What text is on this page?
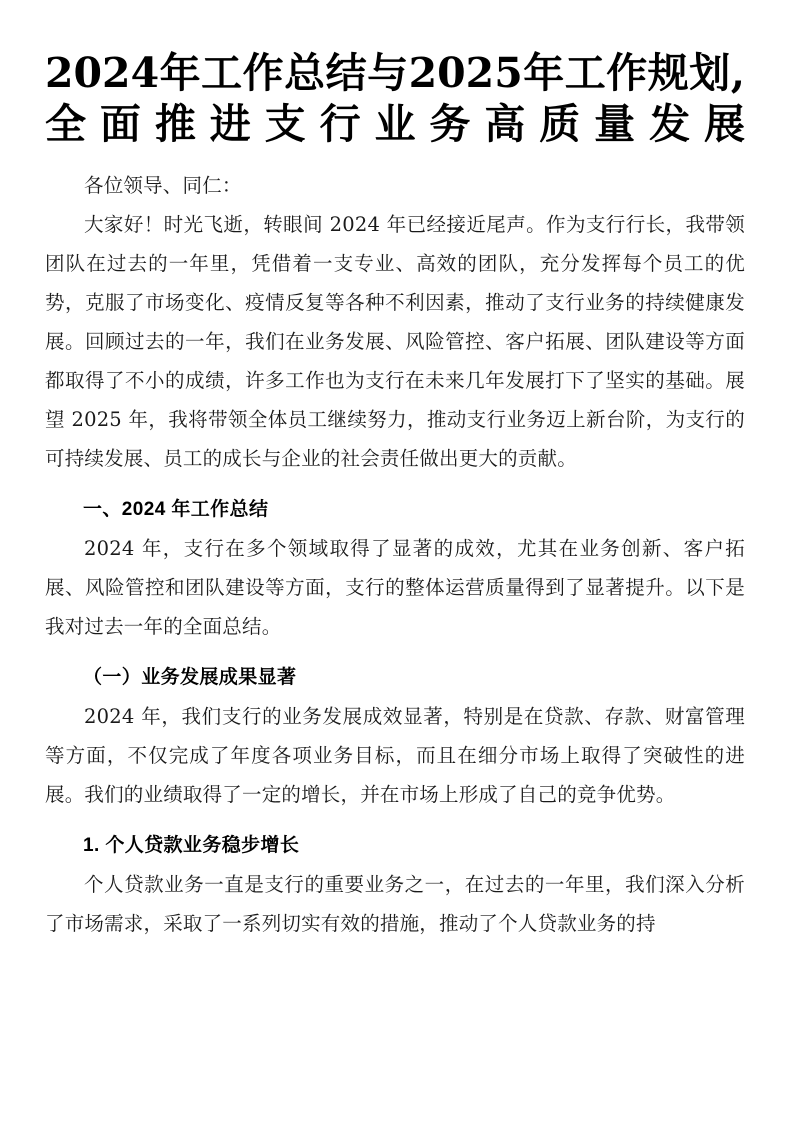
2024年工作总结与2025年工作规划,全面推进支行业务高质量发展

各位领导、同仁：

大家好！时光飞逝，转眼间 2024 年已经接近尾声。作为支行行长，我带领团队在过去的一年里，凭借着一支专业、高效的团队，充分发挥每个员工的优势，克服了市场变化、疫情反复等各种不利因素，推动了支行业务的持续健康发展。回顾过去的一年，我们在业务发展、风险管控、客户拓展、团队建设等方面都取得了不小的成绩，许多工作也为支行在未来几年发展打下了坚实的基础。展望 2025 年，我将带领全体员工继续努力，推动支行业务迈上新台阶，为支行的可持续发展、员工的成长与企业的社会责任做出更大的贡献。

一、2024 年工作总结

2024 年，支行在多个领域取得了显著的成效，尤其在业务创新、客户拓展、风险管控和团队建设等方面，支行的整体运营质量得到了显著提升。以下是我对过去一年的全面总结。

（一）业务发展成果显著

2024 年，我们支行的业务发展成效显著，特别是在贷款、存款、财富管理等方面，不仅完成了年度各项业务目标，而且在细分市场上取得了突破性的进展。我们的业绩取得了一定的增长，并在市场上形成了自己的竞争优势。

1. 个人贷款业务稳步增长

个人贷款业务一直是支行的重要业务之一，在过去的一年里，我们深入分析了市场需求，采取了一系列切实有效的措施，推动了个人贷款业务的持
